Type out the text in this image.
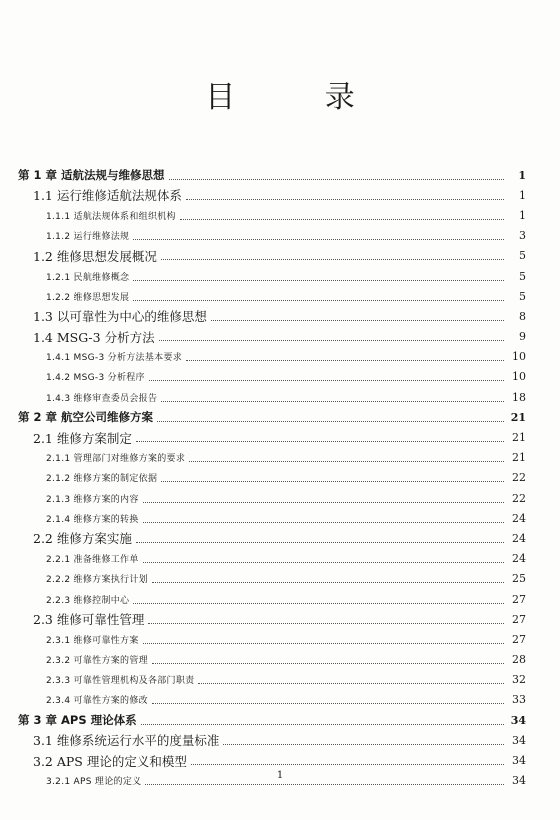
目 录
第 1 章 适航法规与维修思想	1
1.1 运行维修适航法规体系	1
1.1.1 适航法规体系和组织机构	1
1.1.2 运行维修法规	3
1.2 维修思想发展概况	5
1.2.1 民航维修概念	5
1.2.2 维修思想发展	5
1.3 以可靠性为中心的维修思想	8
1.4 MSG-3 分析方法	9
1.4.1 MSG-3 分析方法基本要求	10
1.4.2 MSG-3 分析程序	10
1.4.3 维修审查委员会报告	18
第 2 章 航空公司维修方案	21
2.1 维修方案制定	21
2.1.1 管理部门对维修方案的要求	21
2.1.2 维修方案的制定依据	22
2.1.3 维修方案的内容	22
2.1.4 维修方案的转换	24
2.2 维修方案实施	24
2.2.1 准备维修工作单	24
2.2.2 维修方案执行计划	25
2.2.3 维修控制中心	27
2.3 维修可靠性管理	27
2.3.1 维修可靠性方案	27
2.3.2 可靠性方案的管理	28
2.3.3 可靠性管理机构及各部门职责	32
2.3.4 可靠性方案的修改	33
第 3 章 APS 理论体系	34
3.1 维修系统运行水平的度量标准	34
3.2 APS 理论的定义和模型	34
3.2.1 APS 理论的定义	34
1
